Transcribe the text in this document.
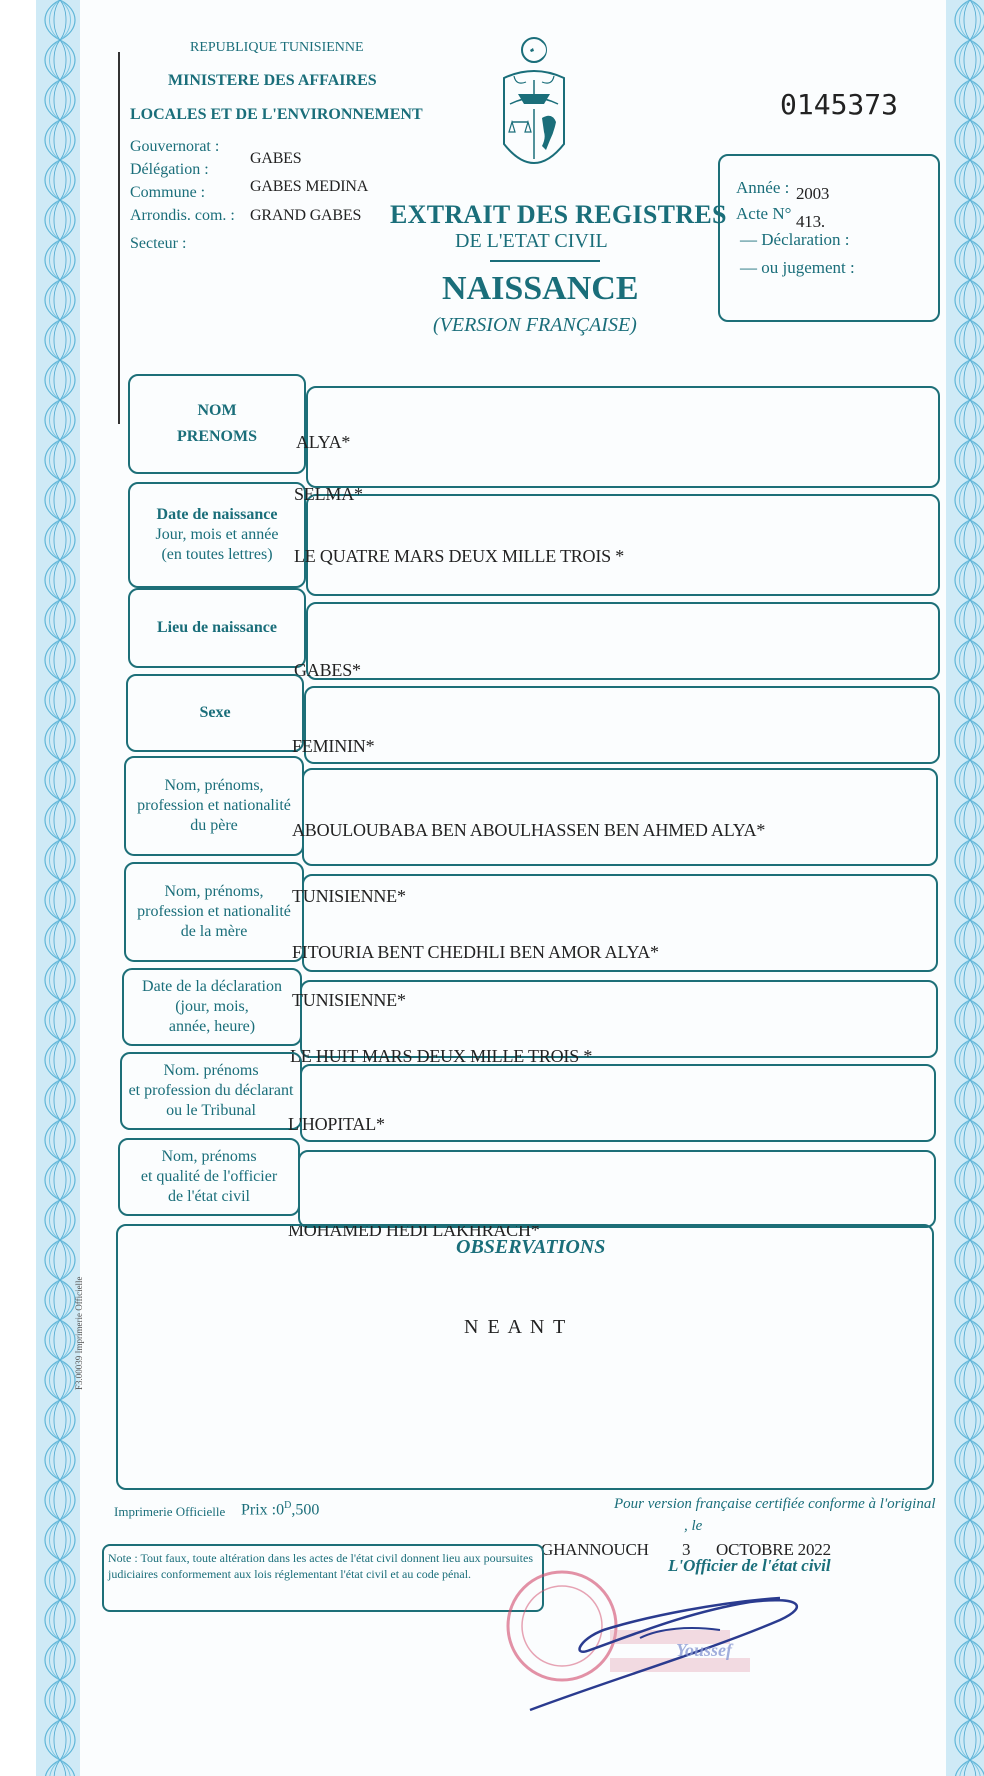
REPUBLIQUE TUNISIENNE
MINISTERE DES AFFAIRES
LOCALES ET DE L'ENVIRONNEMENT
Gouvernorat :
GABES
Délégation :
GABES MEDINA
Commune :
Arrondis. com. : GRAND GABES
Secteur :
0145373
EXTRAIT DES REGISTRES
DE L'ETAT CIVIL
NAISSANCE
(VERSION FRANÇAISE)
Année : 2003
Acte N° 413.
— Déclaration :
— ou jugement :
NOM
PRENOMS ALYA*
Date de naissance
Jour, mois et année
(en toutes lettres)
SELMA*
LE QUATRE MARS DEUX MILLE TROIS *
Lieu de naissance
GABES*
Sexe
FEMININ*
Nom, prénoms,
profession et nationalité
du père	ABOULOUBABA BEN ABOULHASSEN BEN AHMED ALYA*
Nom, prénoms,
profession et nationalité
de la mère
TUNISIENNE*
FITOURIA BENT CHEDHLI BEN AMOR ALYA*
Date de la déclaration
(jour, mois,
année, heure)
TUNISIENNE*
LE HUIT MARS DEUX MILLE TROIS *
Nom. prénoms
et profession du déclarant
ou le Tribunal
L'HOPITAL*
Nom, prénoms
et qualité de l'officier
de l'état civil
MOHAMED HEDI LAKHRACH*
OBSERVATIONS
N E A N T
F3.00039 Imprimerie Officielle
Imprimerie Officielle Prix $:0^D,500$	Pour version française certifiée conforme à l'original
, le
GHANNOUCH 3 OCTOBRE 2022
L'Officier de l'état civil
Note : Tout faux, toute altération dans les actes de l'état civil donnent lieu aux poursuites judiciaires conformement aux lois réglementant l'état civil et au code pénal.
Youssef
